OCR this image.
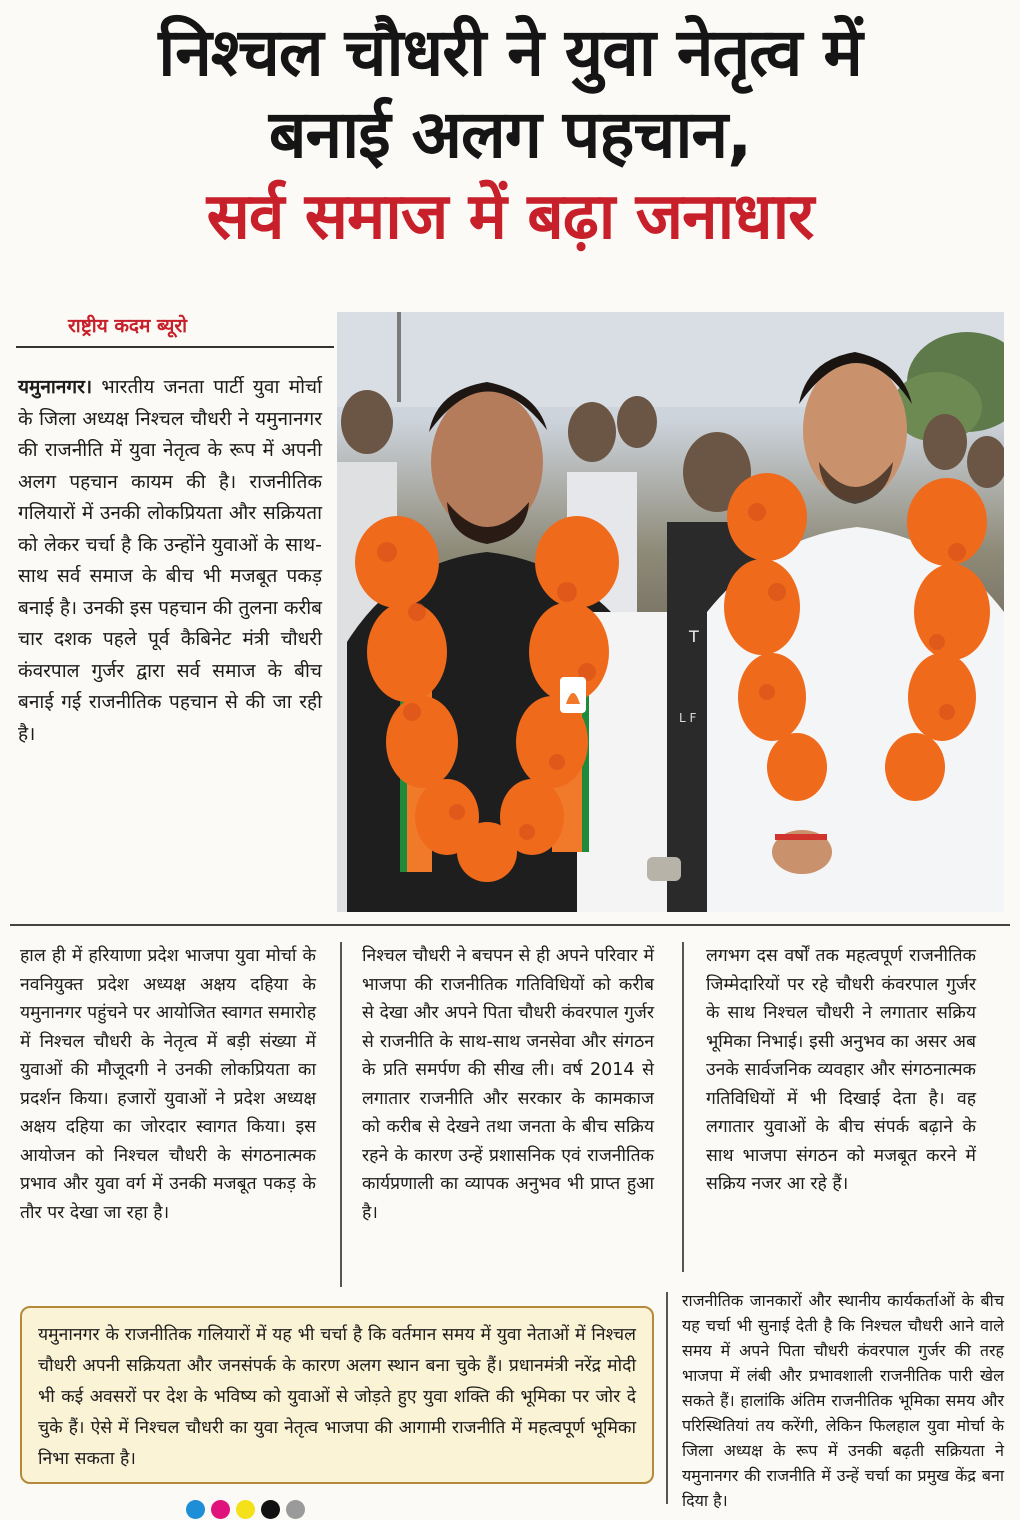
निश्चल चौधरी ने युवा नेतृत्व में
बनाई अलग पहचान,
सर्व समाज में बढ़ा जनाधार
राष्ट्रीय कदम ब्यूरो

यमुनानगर। भारतीय जनता पार्टी युवा मोर्चा के जिला अध्यक्ष निश्चल चौधरी ने यमुनानगर की राजनीति में युवा नेतृत्व के रूप में अपनी अलग पहचान कायम की है। राजनीतिक गलियारों में उनकी लोकप्रियता और सक्रियता को लेकर चर्चा है कि उन्होंने युवाओं के साथ-साथ सर्व समाज के बीच भी मजबूत पकड़ बनाई है। उनकी इस पहचान की तुलना करीब चार दशक पहले पूर्व कैबिनेट मंत्री चौधरी कंवरपाल गुर्जर द्वारा सर्व समाज के बीच बनाई गई राजनीतिक पहचान से की जा रही है।

T
L F

हाल ही में हरियाणा प्रदेश भाजपा युवा मोर्चा के नवनियुक्त प्रदेश अध्यक्ष अक्षय दहिया के यमुनानगर पहुंचने पर आयोजित स्वागत समारोह में निश्चल चौधरी के नेतृत्व में बड़ी संख्या में युवाओं की मौजूदगी ने उनकी लोकप्रियता का प्रदर्शन किया। हजारों युवाओं ने प्रदेश अध्यक्ष अक्षय दहिया का जोरदार स्वागत किया। इस आयोजन को निश्चल चौधरी के संगठनात्मक प्रभाव और युवा वर्ग में उनकी मजबूत पकड़ के तौर पर देखा जा रहा है।

निश्चल चौधरी ने बचपन से ही अपने परिवार में भाजपा की राजनीतिक गतिविधियों को करीब से देखा और अपने पिता चौधरी कंवरपाल गुर्जर से राजनीति के साथ-साथ जनसेवा और संगठन के प्रति समर्पण की सीख ली। वर्ष 2014 से लगातार राजनीति और सरकार के कामकाज को करीब से देखने तथा जनता के बीच सक्रिय रहने के कारण उन्हें प्रशासनिक एवं राजनीतिक कार्यप्रणाली का व्यापक अनुभव भी प्राप्त हुआ है।

लगभग दस वर्षों तक महत्वपूर्ण राजनीतिक जिम्मेदारियों पर रहे चौधरी कंवरपाल गुर्जर के साथ निश्चल चौधरी ने लगातार सक्रिय भूमिका निभाई। इसी अनुभव का असर अब उनके सार्वजनिक व्यवहार और संगठनात्मक गतिविधियों में भी दिखाई देता है। वह लगातार युवाओं के बीच संपर्क बढ़ाने के साथ भाजपा संगठन को मजबूत करने में सक्रिय नजर आ रहे हैं।

यमुनानगर के राजनीतिक गलियारों में यह भी चर्चा है कि वर्तमान समय में युवा नेताओं में निश्चल चौधरी अपनी सक्रियता और जनसंपर्क के कारण अलग स्थान बना चुके हैं। प्रधानमंत्री नरेंद्र मोदी भी कई अवसरों पर देश के भविष्य को युवाओं से जोड़ते हुए युवा शक्ति की भूमिका पर जोर दे चुके हैं। ऐसे में निश्चल चौधरी का युवा नेतृत्व भाजपा की आगामी राजनीति में महत्वपूर्ण भूमिका निभा सकता है।

राजनीतिक जानकारों और स्थानीय कार्यकर्ताओं के बीच यह चर्चा भी सुनाई देती है कि निश्चल चौधरी आने वाले समय में अपने पिता चौधरी कंवरपाल गुर्जर की तरह भाजपा में लंबी और प्रभावशाली राजनीतिक पारी खेल सकते हैं। हालांकि अंतिम राजनीतिक भूमिका समय और परिस्थितियां तय करेंगी, लेकिन फिलहाल युवा मोर्चा के जिला अध्यक्ष के रूप में उनकी बढ़ती सक्रियता ने यमुनानगर की राजनीति में उन्हें चर्चा का प्रमुख केंद्र बना दिया है।
